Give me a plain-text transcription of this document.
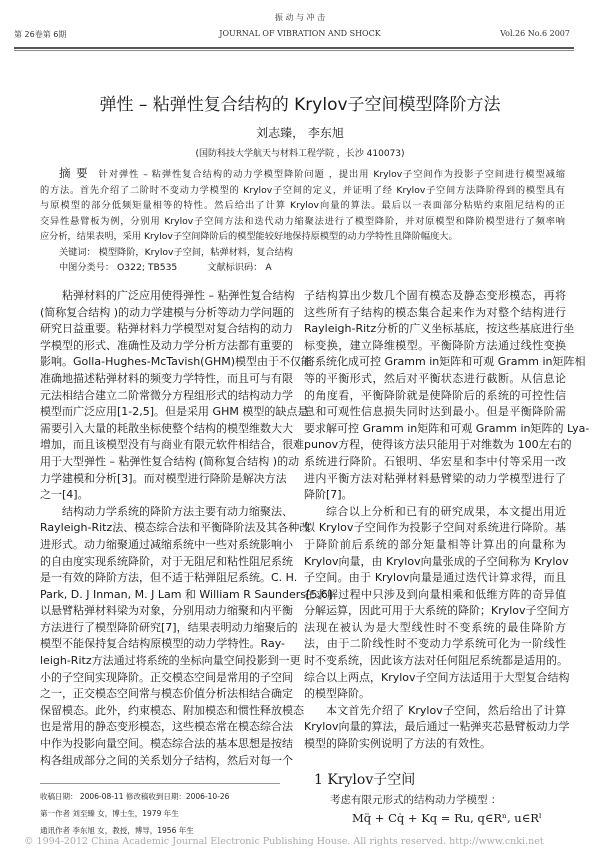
振 动 与 冲 击
第 26卷第 6期	JOURNAL OF VIBRATION AND SHOCK	Vol.26 No.6 2007
弹性 – 粘弹性复合结构的 Krylov子空间模型降阶方法
刘志臻， 李东旭
(国防科技大学航天与材料工程学院 ，长沙 410073)
摘 要 针对弹性 – 粘弹性复合结构的动力学模型降阶问题 ，提出用 Krylov子空间作为投影子空间进行模型减缩
的方法。首先介绍了二阶时不变动力学模型的 Krylov子空间的定义，并证明了经 Krylov子空间方法降阶得到的模型具有
与原模型的部分低频矩量相等的特性。然后给出了计算 Krylov向量的算法。最后以一表面部分粘贴约束阻尼结构的正
交异性悬臂板为例，分别用 Krylov子空间方法和迭代动力缩聚法进行了模型降阶，并对原模型和降阶模型进行了频率响
应分析，结果表明，采用 Krylov子空间降阶后的模型能较好地保持原模型的动力学特性且降阶幅度大。
关键词： 模型降阶，Krylov子空间，粘弹材料，复合结构
中图分类号： O322; TB535	文献标识码： A
粘弹材料的广泛应用使得弹性 – 粘弹性复合结构
(简称复合结构 )的动力学建模与分析等动力学问题的
研究日益重要。粘弹材料力学模型对复合结构的动力
学模型的形式、准确性及动力学分析方法都有重要的
影响。Golla-Hughes-McTavish(GHM)模型由于不仅能
准确地描述粘弹材料的频变力学特性，而且可与有限
元法相结合建立二阶常微分方程组形式的结构动力学
模型而广泛应用[1-2,5]。但是采用 GHM 模型的缺点是
需要引入大量的耗散坐标使整个结构的模型维数大大
增加，而且该模型没有与商业有限元软件相结合，很难
用于大型弹性 – 粘弹性复合结构 (简称复合结构 )的动
力学建模和分析[3]。而对模型进行降阶是解决方法
之一[4]。
结构动力学系统的降阶方法主要有动力缩聚法、
Rayleigh-Ritz法、模态综合法和平衡降阶法及其各种改
进形式。动力缩聚通过减缩系统中一些对系统影响小
的自由度实现系统降阶，对于无阻尼和粘性阻尼系统
是一有效的降阶方法，但不适于粘弹阻尼系统。C. H.
Park, D. J Inman, M. J Lam 和 William R Saunders[5,6]
以悬臂粘弹材料梁为对象，分别用动力缩聚和内平衡
方法进行了模型降阶研究[7]，结果表明动力缩聚后的
模型不能保持复合结构原模型的动力学特性。Ray-
leigh-Ritz方法通过将系统的坐标向量空间投影到一更
小的子空间实现降阶。正交模态空间是常用的子空间
之一，正交模态空间常与模态价值分析法相结合确定
保留模态。此外，约束模态、附加模态和惯性释放模态
也是常用的静态变形模态，这些模态常在模态综合法
中作为投影向量空间。模态综合法的基本思想是按结
构各组成部分之间的关系划分子结构，然后对每一个
子结构算出少数几个固有模态及静态变形模态，再将
这些所有子结构的模态集合起来作为对整个结构进行
Rayleigh-Ritz分析的广义坐标基底，按这些基底进行坐
标变换，建立降维模型。平衡降阶方法通过线性变换
将系统化成可控 Gramm in矩阵和可观 Gramm in矩阵相
等的平衡形式，然后对平衡状态进行截断。从信息论
的角度看，平衡降阶就是使降阶后的系统的可控性信
息和可观性信息损失同时达到最小。但是平衡降阶需
要求解可控 Gramm in矩阵和可观 Gramm in矩阵的 Lya-
punov方程，使得该方法只能用于对维数为 100左右的
系统进行降阶。石银明、华宏星和李中付等采用一改
进内平衡方法对粘弹材料悬臂梁的动力学模型进行了
降阶[7]。
综合以上分析和已有的研究成果，本文提出用近
似 Krylov子空间作为投影子空间对系统进行降阶。基
于降阶前后系统的部分矩量相等计算出的向量称为
Krylov向量，由 Krylov向量张成的子空间称为 Krylov
子空间。由于 Krylov向量是通过迭代计算求得，而且
在求解过程中只涉及到向量相乘和低维方阵的奇异值
分解运算，因此可用于大系统的降阶；Krylov子空间方
法现在被认为是大型线性时不变系统的最佳降阶方
法，由于二阶线性时不变动力学系统可化为一阶线性
时不变系统，因此该方法对任何阻尼系统都是适用的。
综合以上两点，Krylov子空间方法适用于大型复合结构
的模型降阶。
本文首先介绍了 Krylov子空间，然后给出了计算
Krylov向量的算法，最后通过一粘弹夹芯悬臂板动力学
模型的降阶实例说明了方法的有效性。
1 Krylov子空间
考虑有限元形式的结构动力学模型 ：
Mq̈ + Cq̇ + Kq = Ru, q∈Rⁿ, u∈Rˡ
收稿日期： 2006-08-11 修改稿收到日期：2006-10-26
第一作者 刘至臻 女，博士生，1979 年生
通讯作者 李东旭 女，教授，博导，1956 年生
© 1994-2012 China Academic Journal Electronic Publishing House. All rights reserved. http://www.cnki.net
